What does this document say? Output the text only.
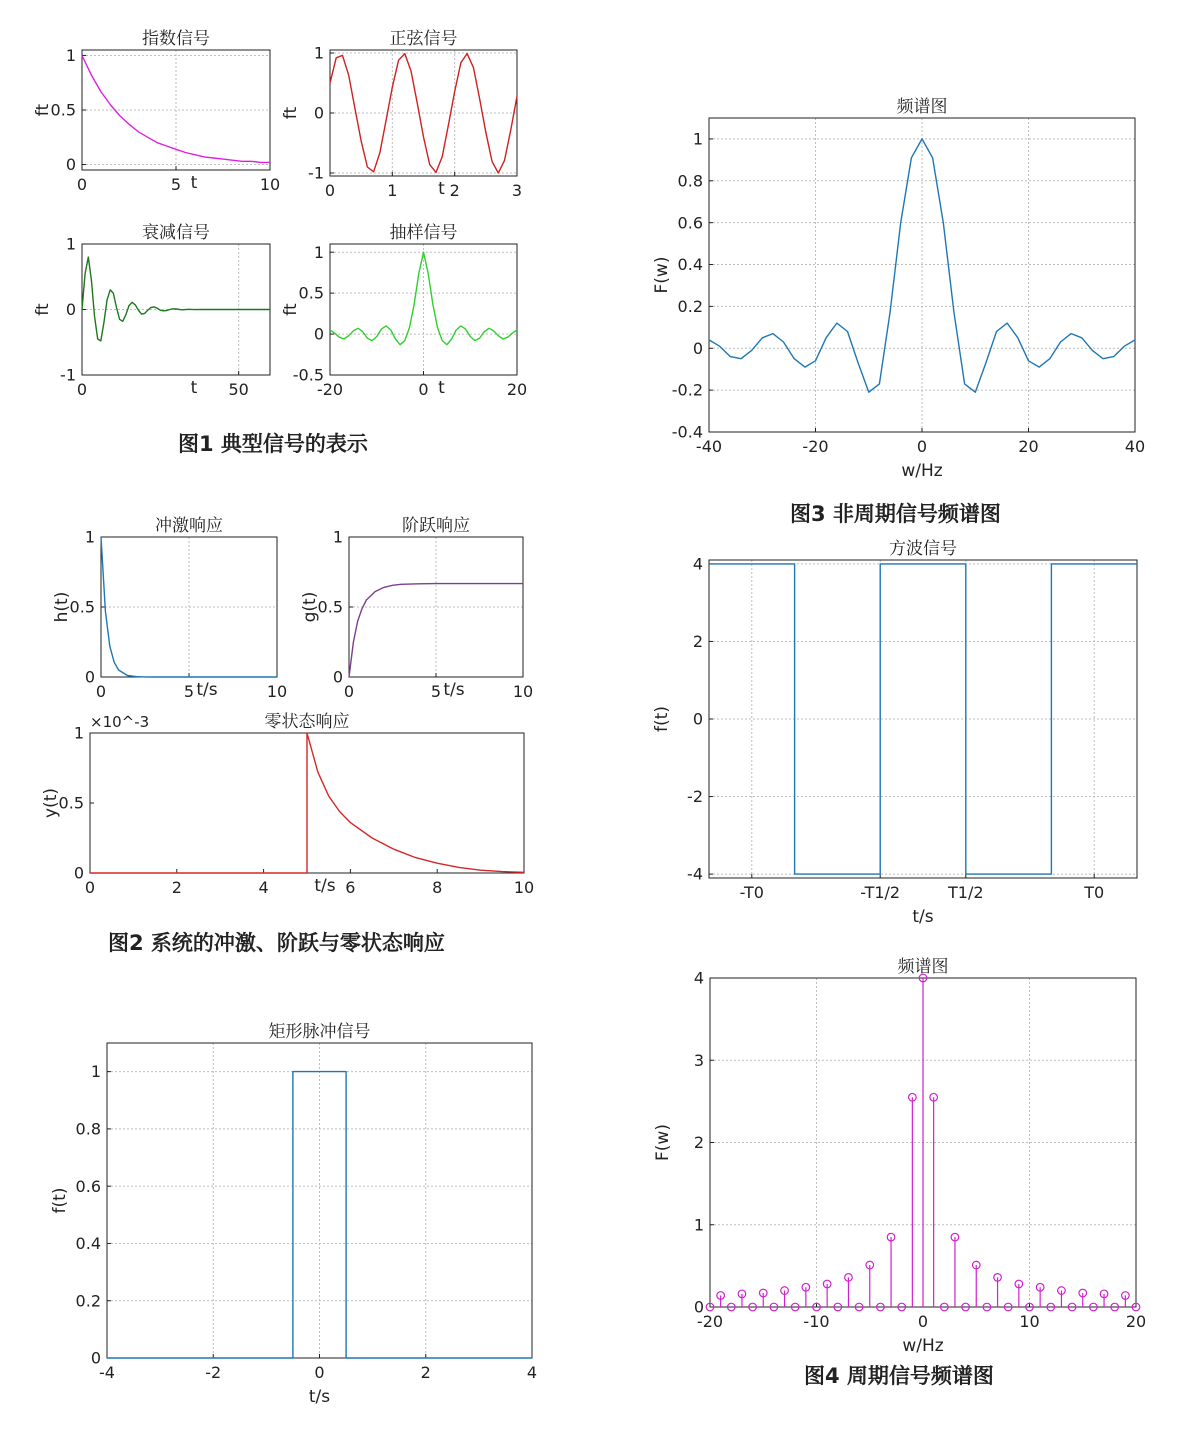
0	5	10
0
0.5
1
指数信号
t
ft
0	1	2	3
-1
0
1
正弦信号
t
ft
0	50
-1
0
1
衰减信号
t
ft
-20	0	20
-0.5
0
0.5
1
抽样信号
t
ft
0	5	10
0
0.5
1
冲激响应
t/s
h(t)
0	5	10
0
0.5
1
阶跃响应
t/s
g(t)
0	2	4	6	8	10
0
0.5
1
零状态响应
t/s
y(t)
×10^-3
-4	-2	0	2	4
0
0.2
0.4
0.6
0.8
1
矩形脉冲信号
t/s
f(t)
-40	-20	0	20	40
-0.4
-0.2
0
0.2
0.4
0.6
0.8
1
频谱图
w/Hz
F(w)
-T0	-T1/2	T1/2	T0
-4
-2
0
2
4
方波信号
t/s
f(t)
-20	-10	0	10	20
0
1
2
3
4
频谱图
w/Hz
F(w)
图1 典型信号的表示
图2 系统的冲激、阶跃与零状态响应
图3 非周期信号频谱图
图4 周期信号频谱图
